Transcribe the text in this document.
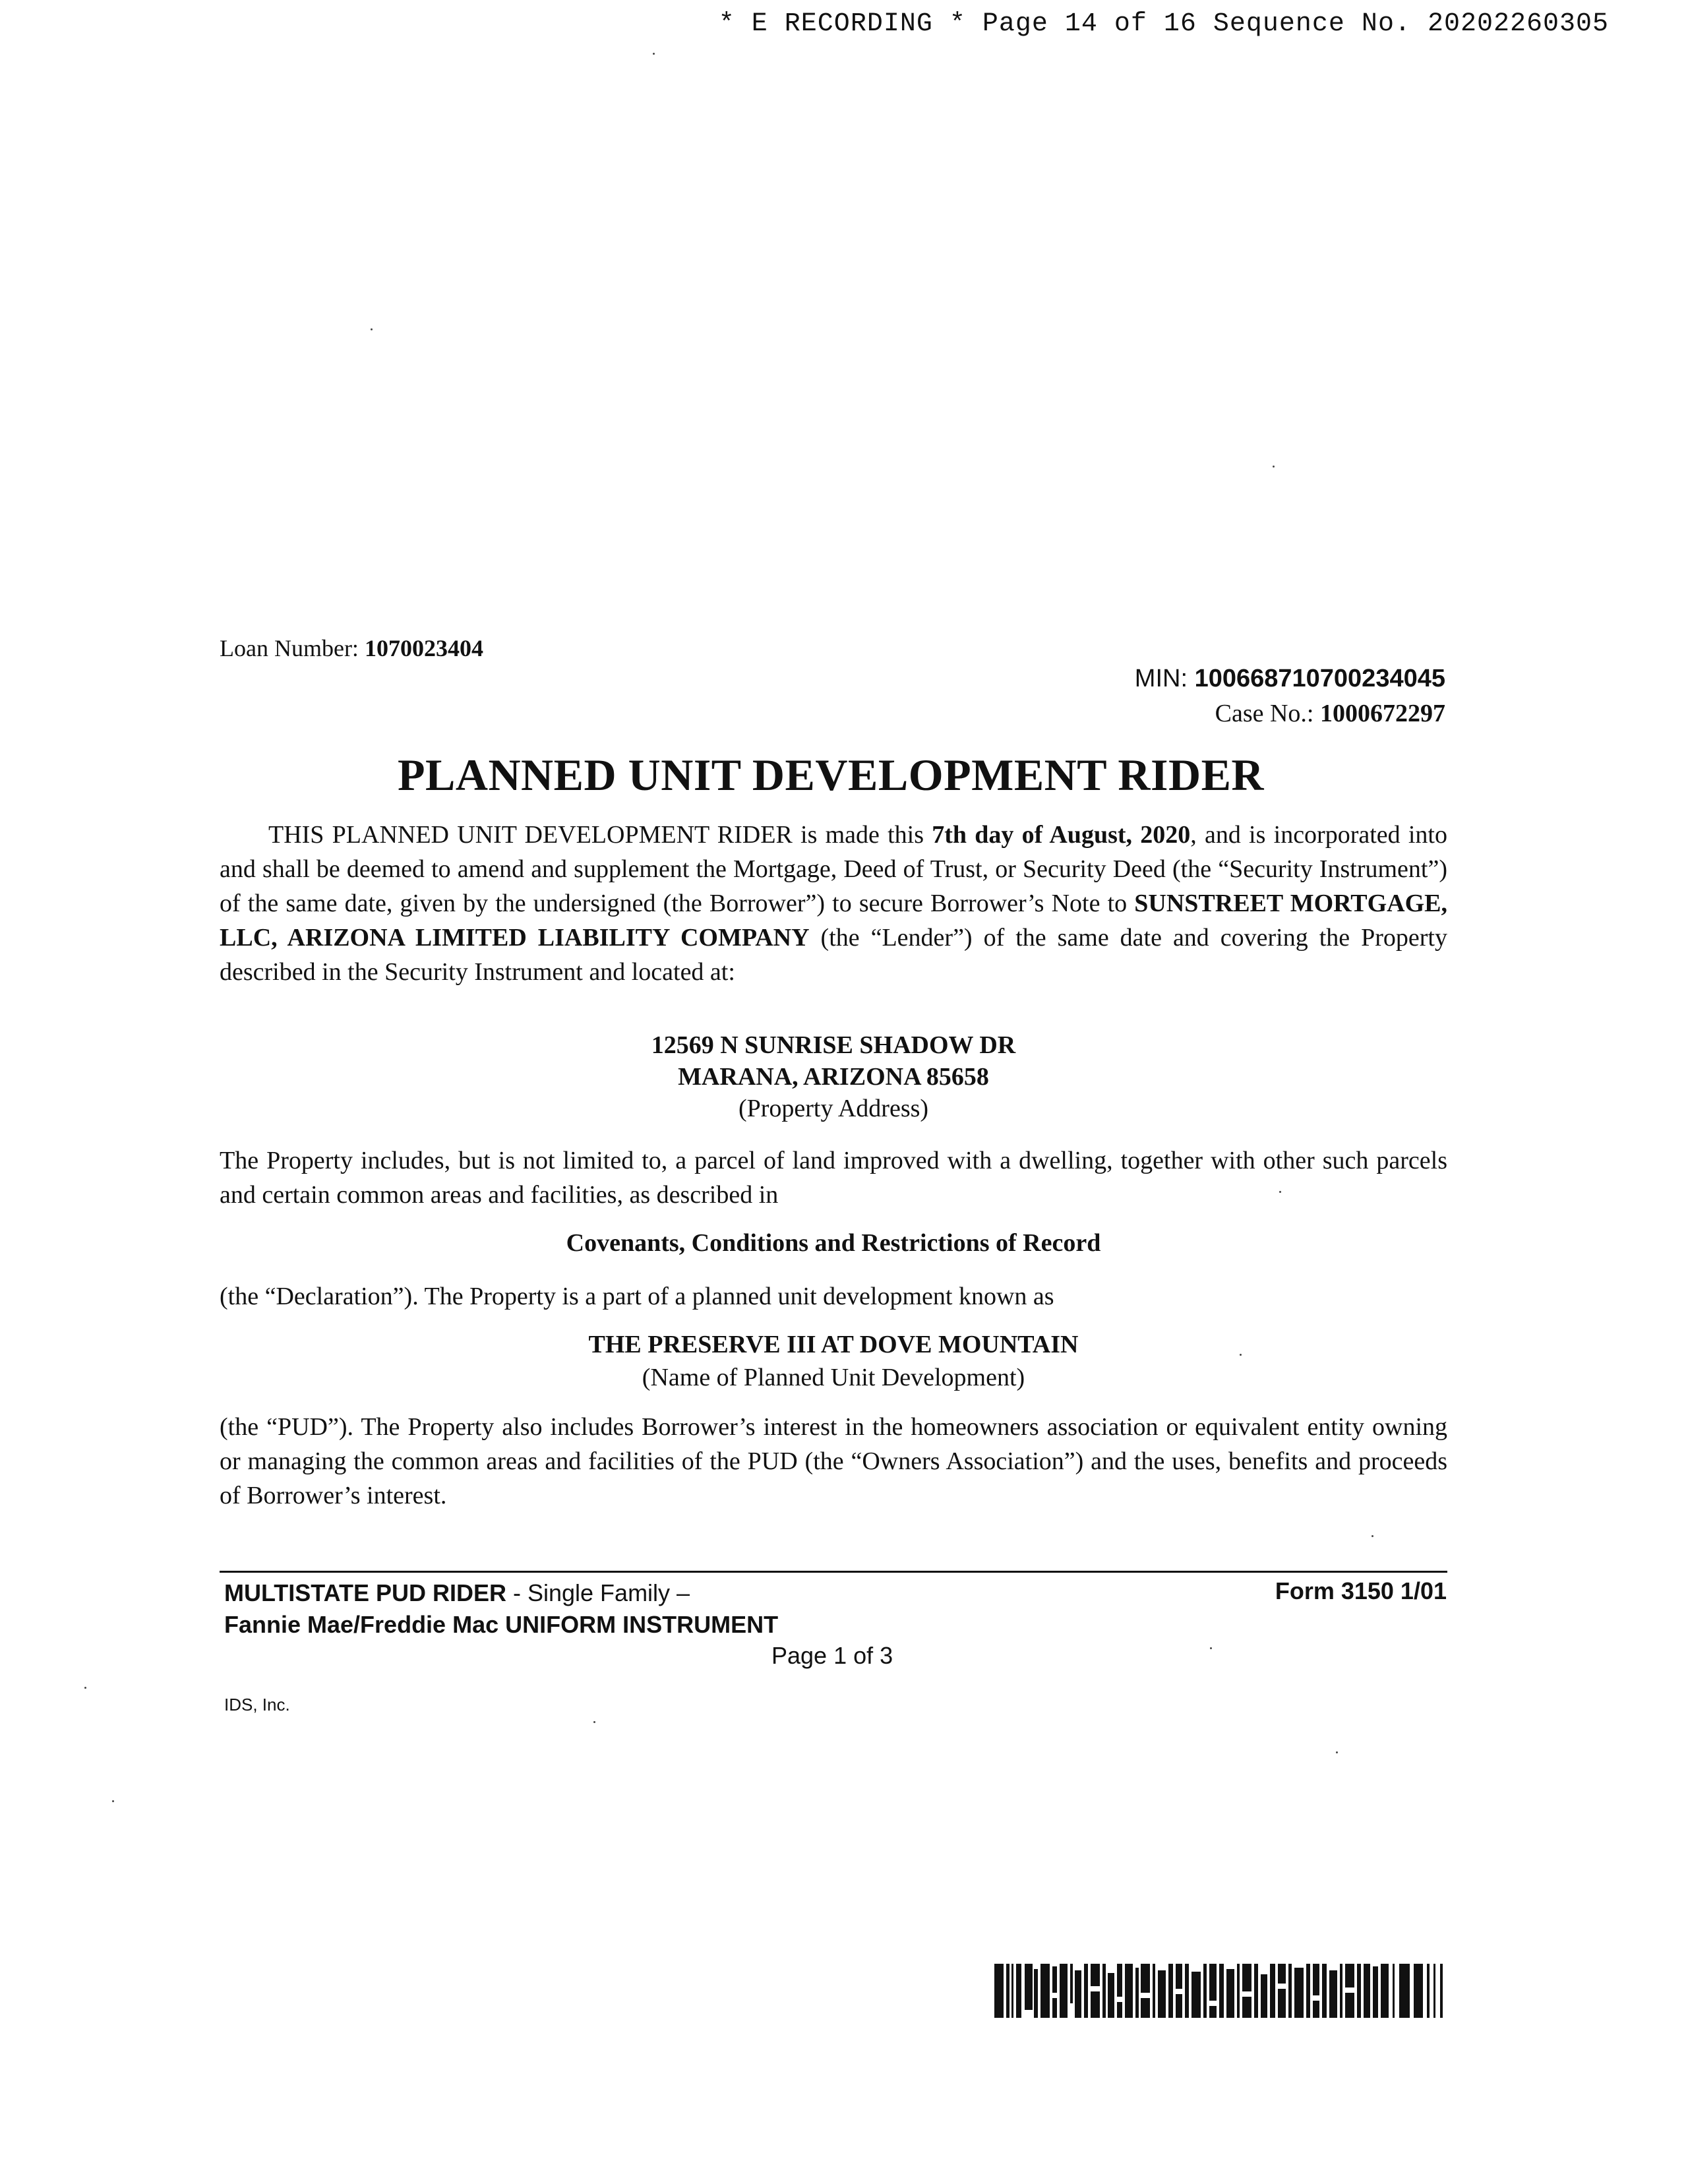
* E RECORDING * Page 14 of 16 Sequence No. 20202260305
Loan Number: 1070023404
MIN: 100668710700234045
Case No.: 1000672297
PLANNED UNIT DEVELOPMENT RIDER
THIS PLANNED UNIT DEVELOPMENT RIDER is made this 7th day of August, 2020, and is incorporated into and shall be deemed to amend and supplement the Mortgage, Deed of Trust, or Security Deed (the “Security Instrument”) of the same date, given by the undersigned (the Borrower”) to secure Borrower’s Note to SUNSTREET MORTGAGE, LLC, ARIZONA LIMITED LIABILITY COMPANY (the “Lender”) of the same date and covering the Property described in the Security Instrument and located at:
12569 N SUNRISE SHADOW DR
MARANA, ARIZONA 85658
(Property Address)
The Property includes, but is not limited to, a parcel of land improved with a dwelling, together with other such parcels and certain common areas and facilities, as described in
Covenants, Conditions and Restrictions of Record
(the “Declaration”). The Property is a part of a planned unit development known as
THE PRESERVE III AT DOVE MOUNTAIN
(Name of Planned Unit Development)
(the “PUD”). The Property also includes Borrower’s interest in the homeowners association or equivalent entity owning or managing the common areas and facilities of the PUD (the “Owners Association”) and the uses, benefits and proceeds of Borrower’s interest.
MULTISTATE PUD RIDER - Single Family –
Fannie Mae/Freddie Mac UNIFORM INSTRUMENT
Form 3150 1/01
Page 1 of 3
IDS, Inc.
